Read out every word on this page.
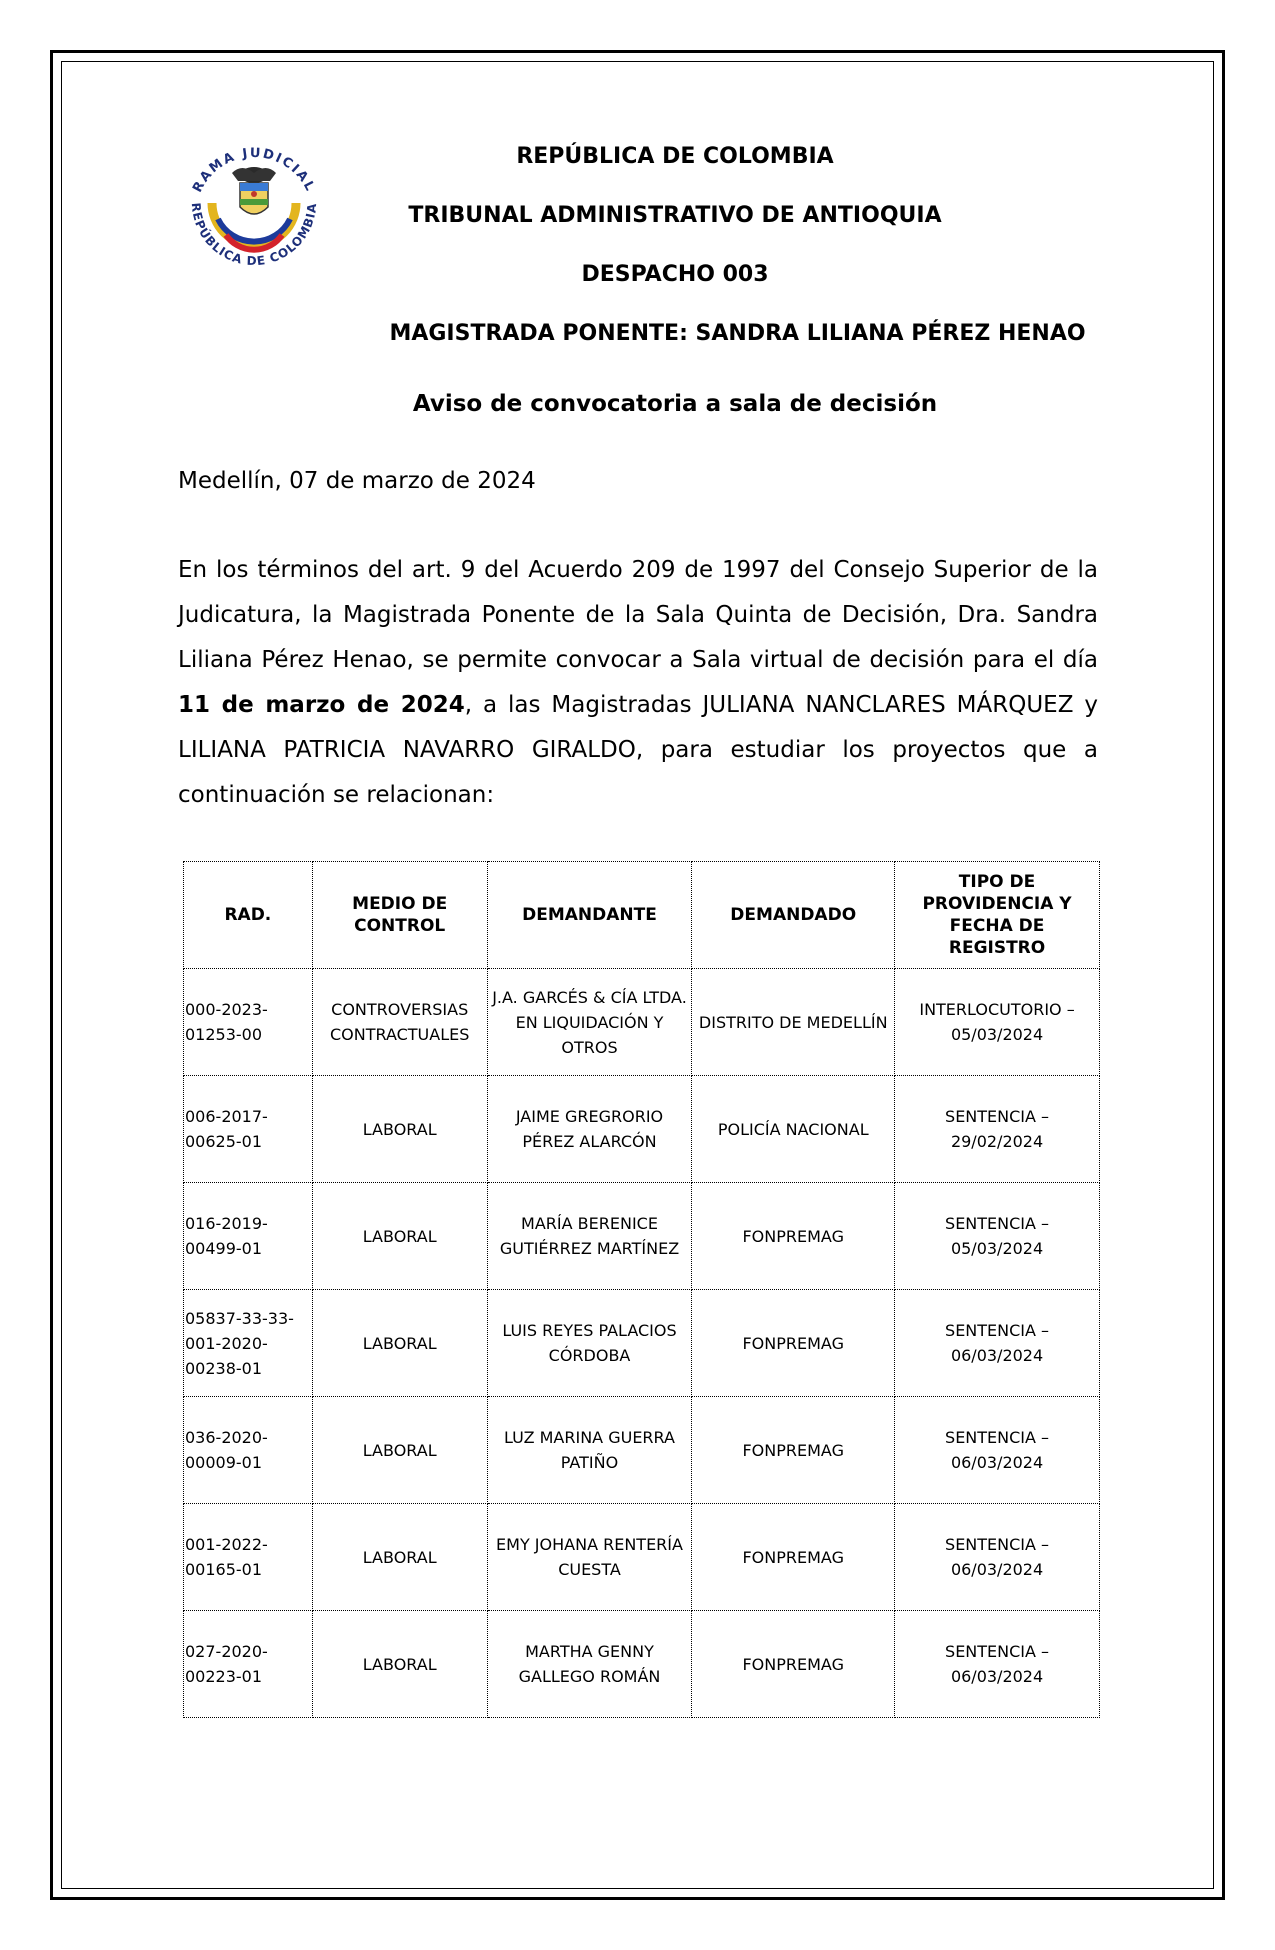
RAMA JUDICIAL
REPÚBLICA DE COLOMBIA
REPÚBLICA DE COLOMBIA
TRIBUNAL ADMINISTRATIVO DE ANTIOQUIA
DESPACHO 003
MAGISTRADA PONENTE: SANDRA LILIANA PÉREZ HENAO
Aviso de convocatoria a sala de decisión
Medellín, 07 de marzo de 2024
En los términos del art. 9 del Acuerdo 209 de 1997 del Consejo Superior de la Judicatura, la Magistrada Ponente de la Sala Quinta de Decisión, Dra. Sandra Liliana Pérez Henao, se permite convocar a Sala virtual de decisión para el día 11 de marzo de 2024, a las Magistradas JULIANA NANCLARES MÁRQUEZ y LILIANA PATRICIA NAVARRO GIRALDO, para estudiar los proyectos que a continuación se relacionan:
RAD.	MEDIO DE CONTROL	DEMANDANTE	DEMANDADO	TIPO DE PROVIDENCIA Y FECHA DE REGISTRO
000-2023-01253-00	CONTROVERSIAS CONTRACTUALES	J.A. GARCÉS & CÍA LTDA. EN LIQUIDACIÓN Y OTROS	DISTRITO DE MEDELLÍN	INTERLOCUTORIO – 05/03/2024
006-2017-00625-01	LABORAL	JAIME GREGRORIO PÉREZ ALARCÓN	POLICÍA NACIONAL	SENTENCIA – 29/02/2024
016-2019-00499-01	LABORAL	MARÍA BERENICE GUTIÉRREZ MARTÍNEZ	FONPREMAG	SENTENCIA – 05/03/2024
05837-33-33-001-2020-00238-01	LABORAL	LUIS REYES PALACIOS CÓRDOBA	FONPREMAG	SENTENCIA – 06/03/2024
036-2020-00009-01	LABORAL	LUZ MARINA GUERRA PATIÑO	FONPREMAG	SENTENCIA – 06/03/2024
001-2022-00165-01	LABORAL	EMY JOHANA RENTERÍA CUESTA	FONPREMAG	SENTENCIA – 06/03/2024
027-2020-00223-01	LABORAL	MARTHA GENNY GALLEGO ROMÁN	FONPREMAG	SENTENCIA – 06/03/2024
